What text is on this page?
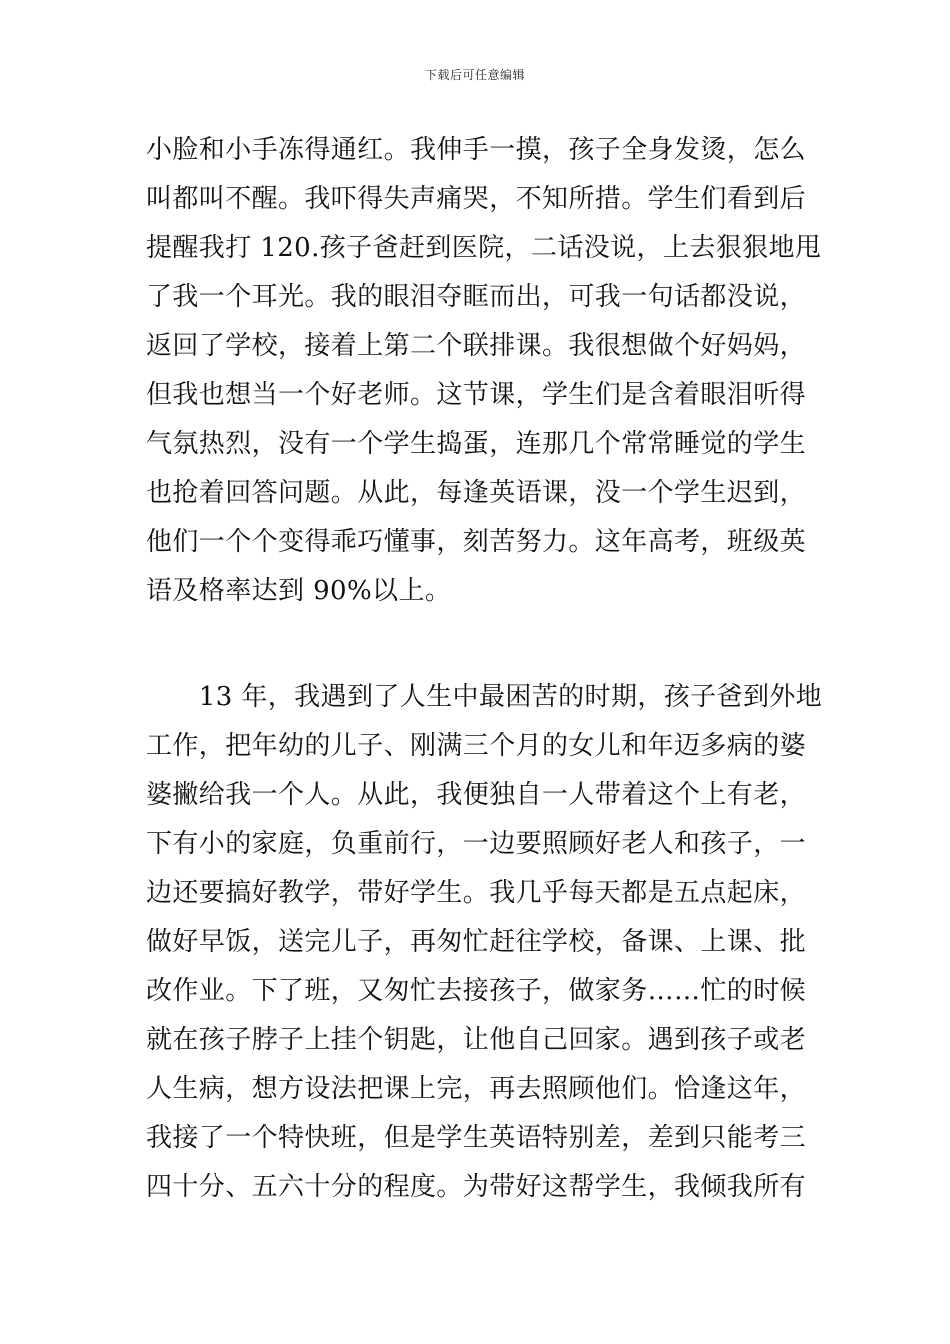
下载后可任意编辑
小脸和小手冻得通红。我伸手一摸，孩子全身发烫，怎么
叫都叫不醒。我吓得失声痛哭，不知所措。学生们看到后
提醒我打 120.孩子爸赶到医院，二话没说，上去狠狠地甩
了我一个耳光。我的眼泪夺眶而出，可我一句话都没说，
返回了学校，接着上第二个联排课。我很想做个好妈妈，
但我也想当一个好老师。这节课，学生们是含着眼泪听得
气氛热烈，没有一个学生捣蛋，连那几个常常睡觉的学生
也抢着回答问题。从此，每逢英语课，没一个学生迟到，
他们一个个变得乖巧懂事，刻苦努力。这年高考，班级英
语及格率达到 90%以上。
　　13 年，我遇到了人生中最困苦的时期，孩子爸到外地
工作，把年幼的儿子、刚满三个月的女儿和年迈多病的婆
婆撇给我一个人。从此，我便独自一人带着这个上有老，
下有小的家庭，负重前行，一边要照顾好老人和孩子，一
边还要搞好教学，带好学生。我几乎每天都是五点起床，
做好早饭，送完儿子，再匆忙赶往学校，备课、上课、批
改作业。下了班，又匆忙去接孩子，做家务……忙的时候
就在孩子脖子上挂个钥匙，让他自己回家。遇到孩子或老
人生病，想方设法把课上完，再去照顾他们。恰逢这年，
我接了一个特快班，但是学生英语特别差，差到只能考三
四十分、五六十分的程度。为带好这帮学生，我倾我所有
